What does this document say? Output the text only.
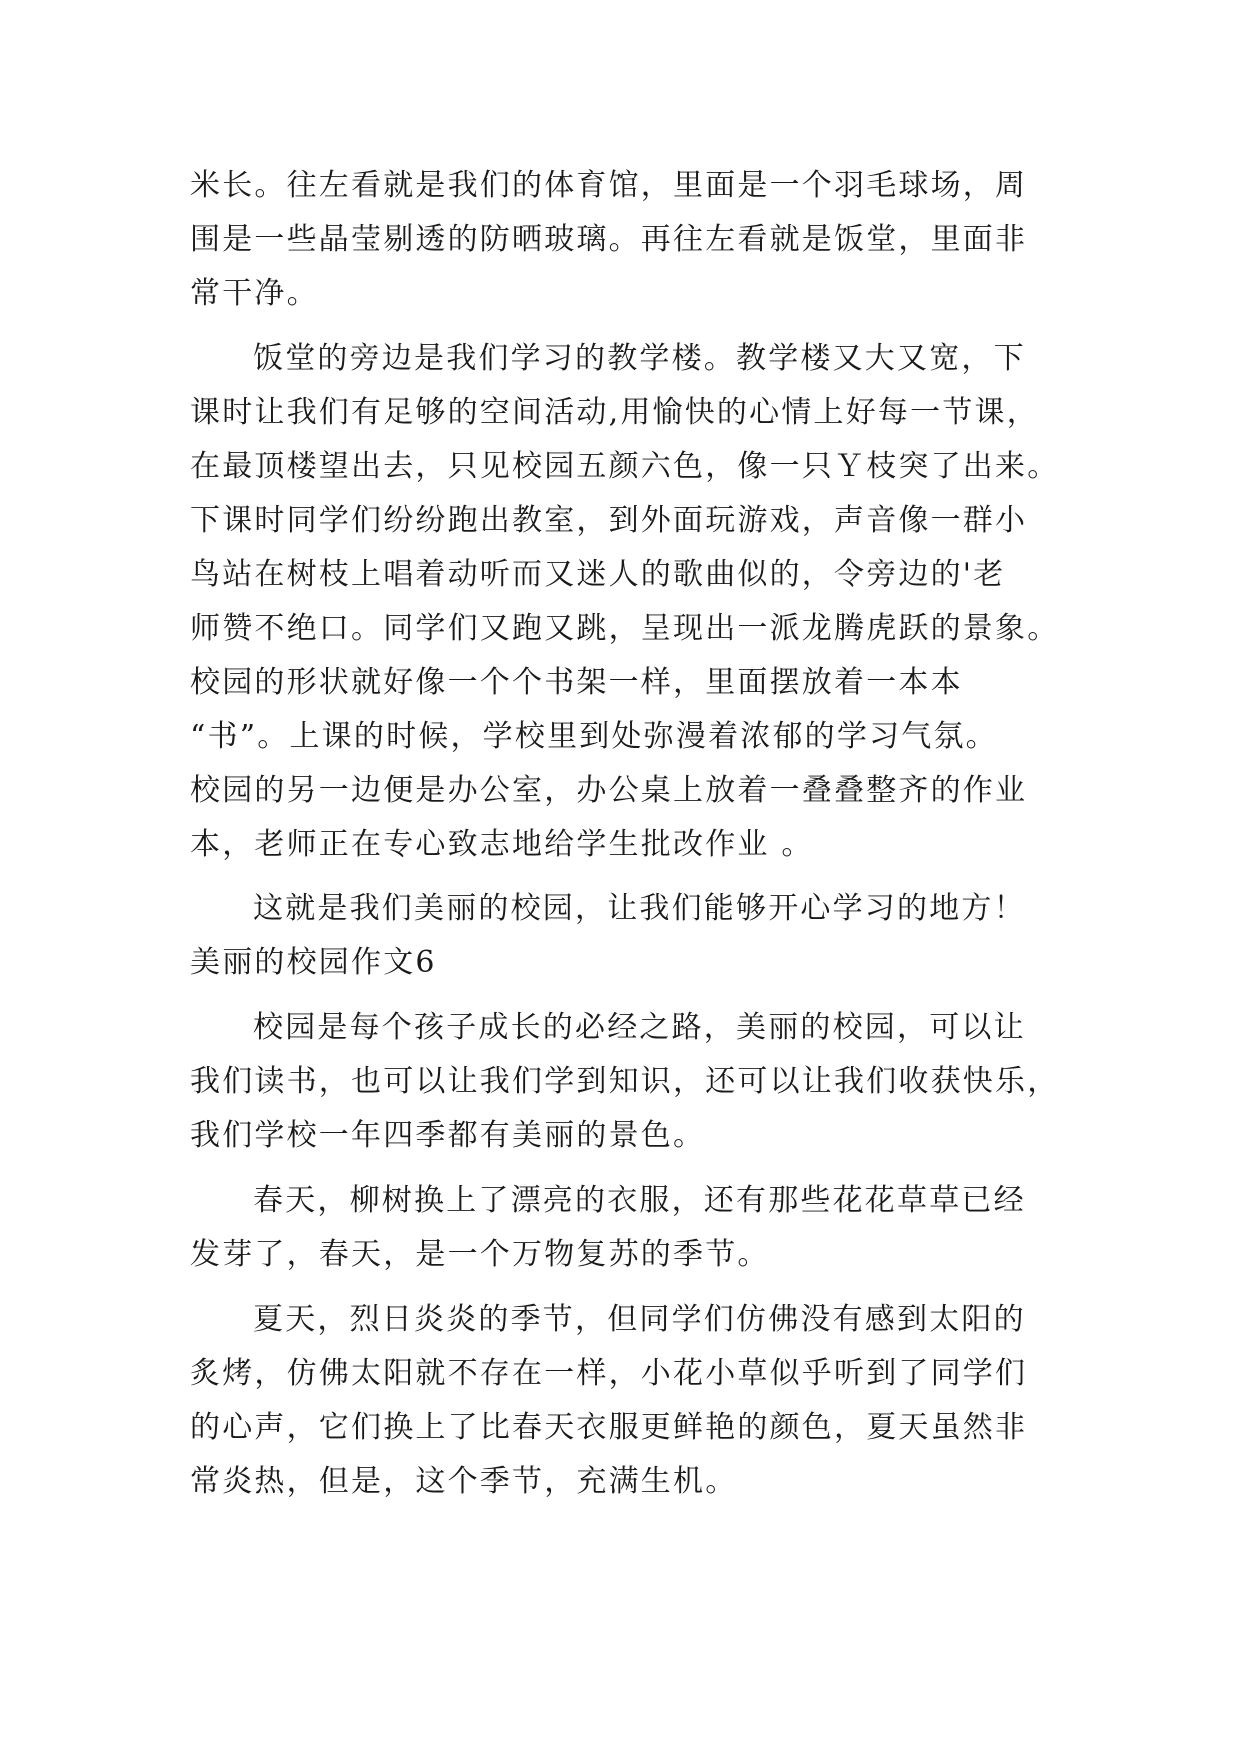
米长。往左看就是我们的体育馆，里面是一个羽毛球场，周
围是一些晶莹剔透的防晒玻璃。再往左看就是饭堂，里面非
常干净。
饭堂的旁边是我们学习的教学楼。教学楼又大又宽，下
课时让我们有足够的空间活动,用愉快的心情上好每一节课，
在最顶楼望出去，只见校园五颜六色，像一只Ｙ枝突了出来。
下课时同学们纷纷跑出教室，到外面玩游戏，声音像一群小
鸟站在树枝上唱着动听而又迷人的歌曲似的，令旁边的'老
师赞不绝口。同学们又跑又跳，呈现出一派龙腾虎跃的景象。
校园的形状就好像一个个书架一样，里面摆放着一本本
“书”。上课的时候，学校里到处弥漫着浓郁的学习气氛。
校园的另一边便是办公室，办公桌上放着一叠叠整齐的作业
本，老师正在专心致志地给学生批改作业 。
这就是我们美丽的校园，让我们能够开心学习的地方！
美丽的校园作文6
校园是每个孩子成长的必经之路，美丽的校园，可以让
我们读书，也可以让我们学到知识，还可以让我们收获快乐，
我们学校一年四季都有美丽的景色。
春天，柳树换上了漂亮的衣服，还有那些花花草草已经
发芽了，春天，是一个万物复苏的季节。
夏天，烈日炎炎的季节，但同学们仿佛没有感到太阳的
炙烤，仿佛太阳就不存在一样，小花小草似乎听到了同学们
的心声，它们换上了比春天衣服更鲜艳的颜色，夏天虽然非
常炎热，但是，这个季节，充满生机。
